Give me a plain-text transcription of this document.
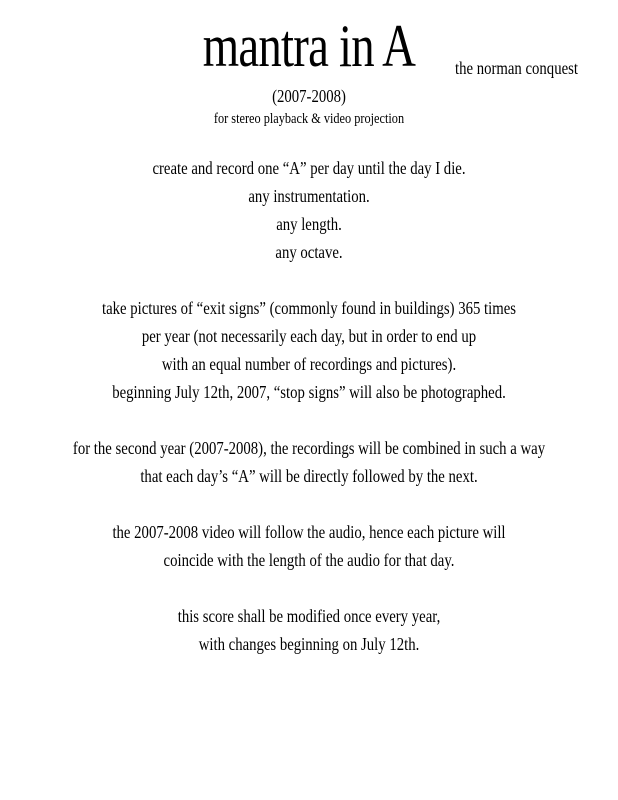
mantra in A	the norman conquest
(2007-2008)
for stereo playback & video projection
create and record one “A” per day until the day I die.
any instrumentation.
any length.
any octave.
take pictures of “exit signs” (commonly found in buildings) 365 times
per year (not necessarily each day, but in order to end up
with an equal number of recordings and pictures).
beginning July 12th, 2007, “stop signs” will also be photographed.
for the second year (2007-2008), the recordings will be combined in such a way
that each day’s “A” will be directly followed by the next.
the 2007-2008 video will follow the audio, hence each picture will
coincide with the length of the audio for that day.
this score shall be modified once every year,
with changes beginning on July 12th.
